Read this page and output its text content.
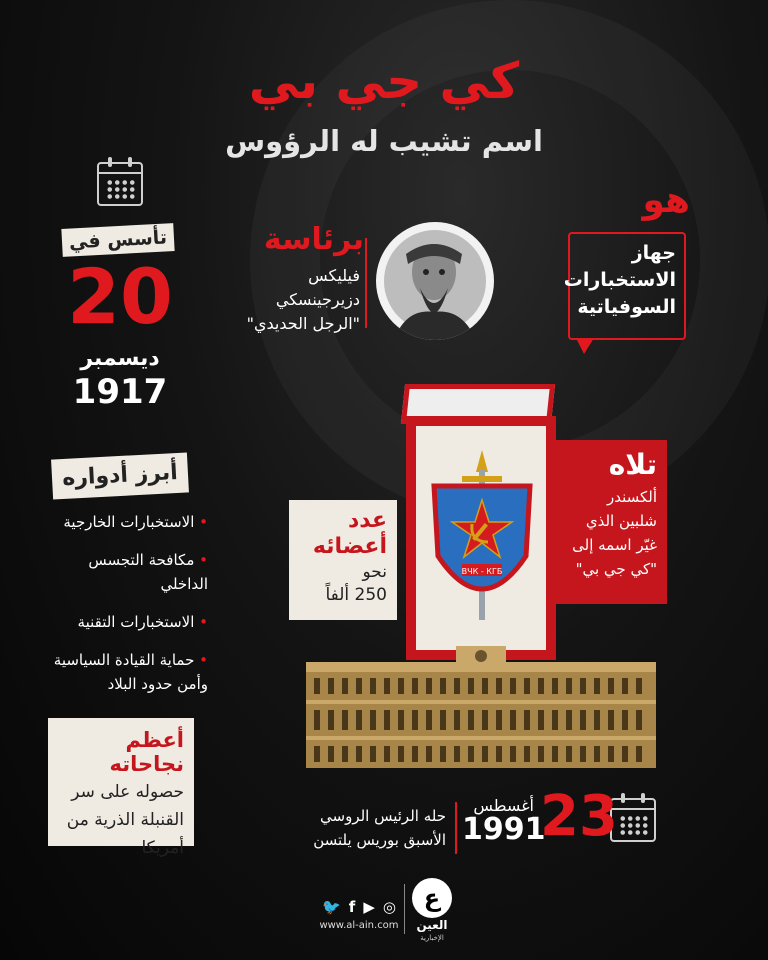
كي جي بي
اسم تشيب له الرؤوس
تأسس في
20
ديسمبر
1917
هو
جهاز الاستخبارات السوفياتية
برئاسة
فيليكس
دزيرجينسكي
"الرجل الحديدي"
ВЧК - КГБ
تلاه
ألكسندر شلبين الذي غيّر اسمه إلى "كي جي بي"
عدد
أعضائه
نحو
250 ألفاً
أبرز أدواره
• الاستخبارات الخارجية
• مكافحة التجسس الداخلي
• الاستخبارات التقنية
• حماية القيادة السياسية وأمن حدود البلاد
أعظم نجاحاته
حصوله على سر القنبلة الذرية من أمريكا	23
أغسطس
1991
حله الرئيس الروسي
الأسبق بوريس يلتسن
🐦 f ▶ ◎
www.al-ain.com
ع
العين
الإخبارية
